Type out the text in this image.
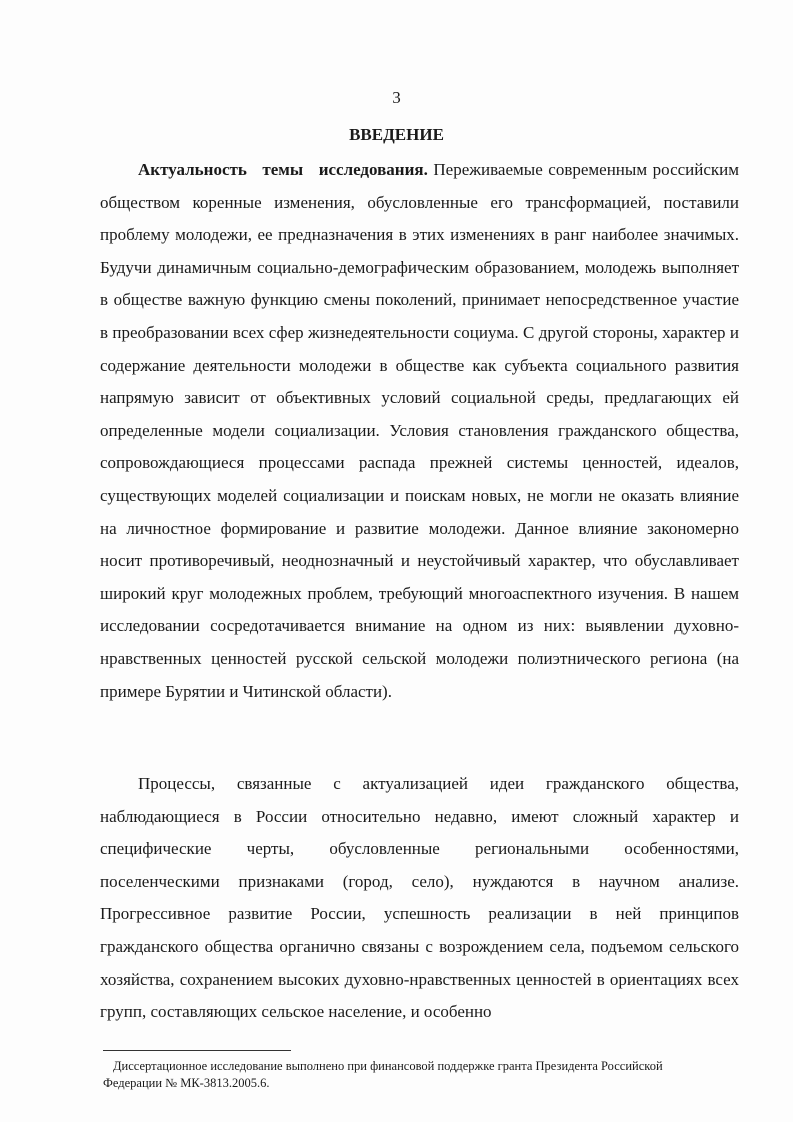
3
ВВЕДЕНИЕ

Актуальность темы исследования. Переживаемые современным российским обществом коренные изменения, обусловленные его трансформацией, поставили проблему молодежи, ее предназначения в этих изменениях в ранг наиболее значимых. Будучи динамичным социально-демографическим образованием, молодежь выполняет в обществе важную функцию смены поколений, принимает непосредственное участие в преобразовании всех сфер жизнедеятельности социума. С другой стороны, характер и содержание деятельности молодежи в обществе как субъекта социального развития напрямую зависит от объективных условий социальной среды, предлагающих ей определенные модели социализации. Условия становления гражданского общества, сопровождающиеся процессами распада прежней системы ценностей, идеалов, существующих моделей социализации и поискам новых, не могли не оказать влияние на личностное формирование и развитие молодежи. Данное влияние закономерно носит противоречивый, неоднозначный и неустойчивый характер, что обуславливает широкий круг молодежных проблем, требующий многоаспектного изучения. В нашем исследовании сосредотачивается внимание на одном из них: выявлении духовно-нравственных ценностей русской сельской молодежи полиэтнического региона (на примере Бурятии и Читинской области).

Процессы, связанные с актуализацией идеи гражданского общества, наблюдающиеся в России относительно недавно, имеют сложный характер и специфические черты, обусловленные региональными особенностями, поселенческими признаками (город, село), нуждаются в научном анализе. Прогрессивное развитие России, успешность реализации в ней принципов гражданского общества органично связаны с возрождением села, подъемом сельского хозяйства, сохранением высоких духовно-нравственных ценностей в ориентациях всех групп, составляющих сельское население, и особенно

Диссертационное исследование выполнено при финансовой поддержке гранта Президента Российской Федерации № МК-3813.2005.6.
